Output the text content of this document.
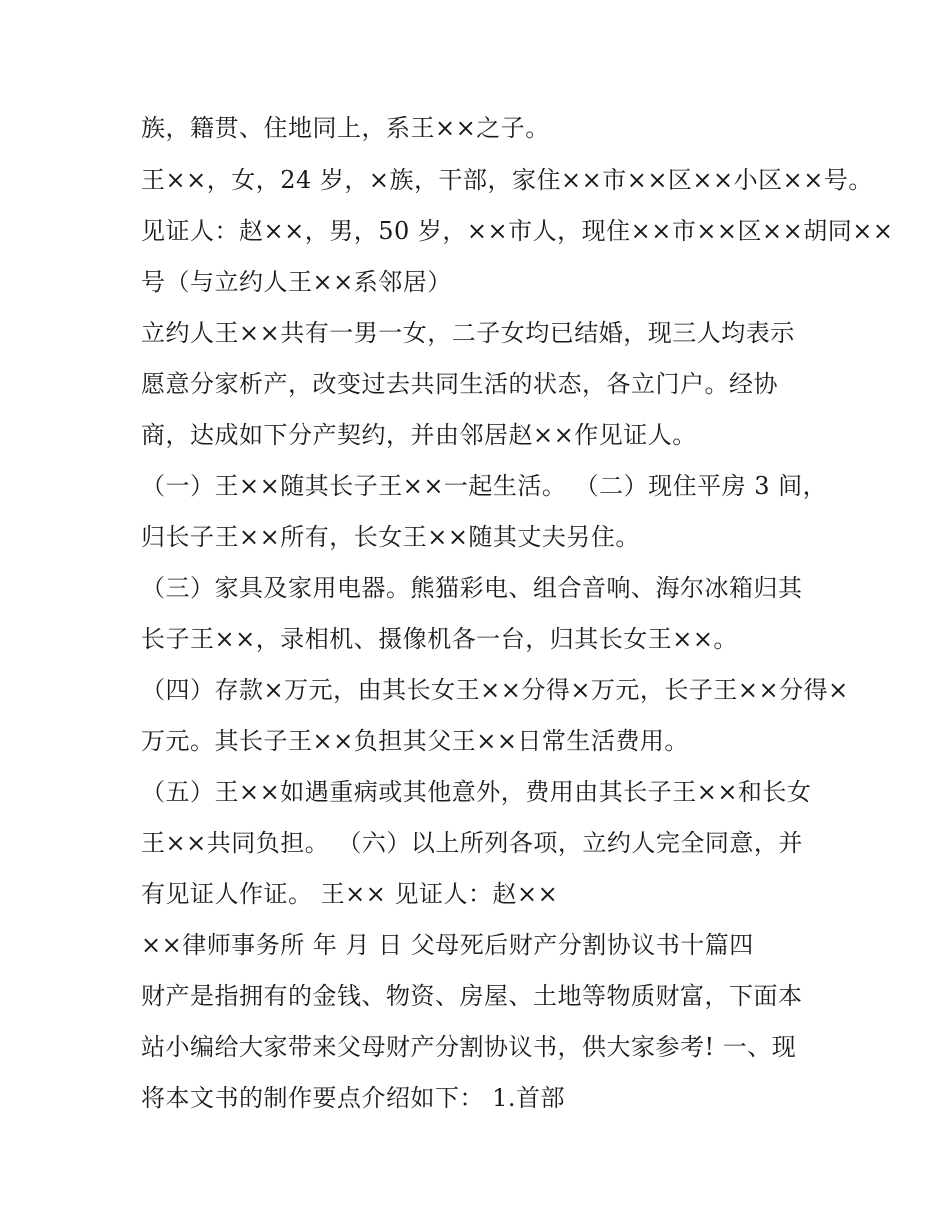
族，籍贯、住地同上，系王××之子。
王××，女，24 岁，×族，干部，家住××市××区××小区××号。
见证人：赵××，男，50 岁，××市人，现住××市××区××胡同××
号（与立约人王××系邻居）
立约人王××共有一男一女，二子女均已结婚，现三人均表示
愿意分家析产，改变过去共同生活的状态，各立门户。经协
商，达成如下分产契约，并由邻居赵××作见证人。
（一）王××随其长子王××一起生活。 （二）现住平房 3 间，
归长子王××所有，长女王××随其丈夫另住。
（三）家具及家用电器。熊猫彩电、组合音响、海尔冰箱归其
长子王××，录相机、摄像机各一台，归其长女王××。
（四）存款×万元，由其长女王××分得×万元，长子王××分得×
万元。其长子王××负担其父王××日常生活费用。
（五）王××如遇重病或其他意外，费用由其长子王××和长女
王××共同负担。 （六）以上所列各项，立约人完全同意，并
有见证人作证。 王×× 见证人：赵××
××律师事务所 年 月 日 父母死后财产分割协议书十篇四
财产是指拥有的金钱、物资、房屋、土地等物质财富，下面本
站小编给大家带来父母财产分割协议书，供大家参考! 一、现
将本文书的制作要点介绍如下： 1.首部
